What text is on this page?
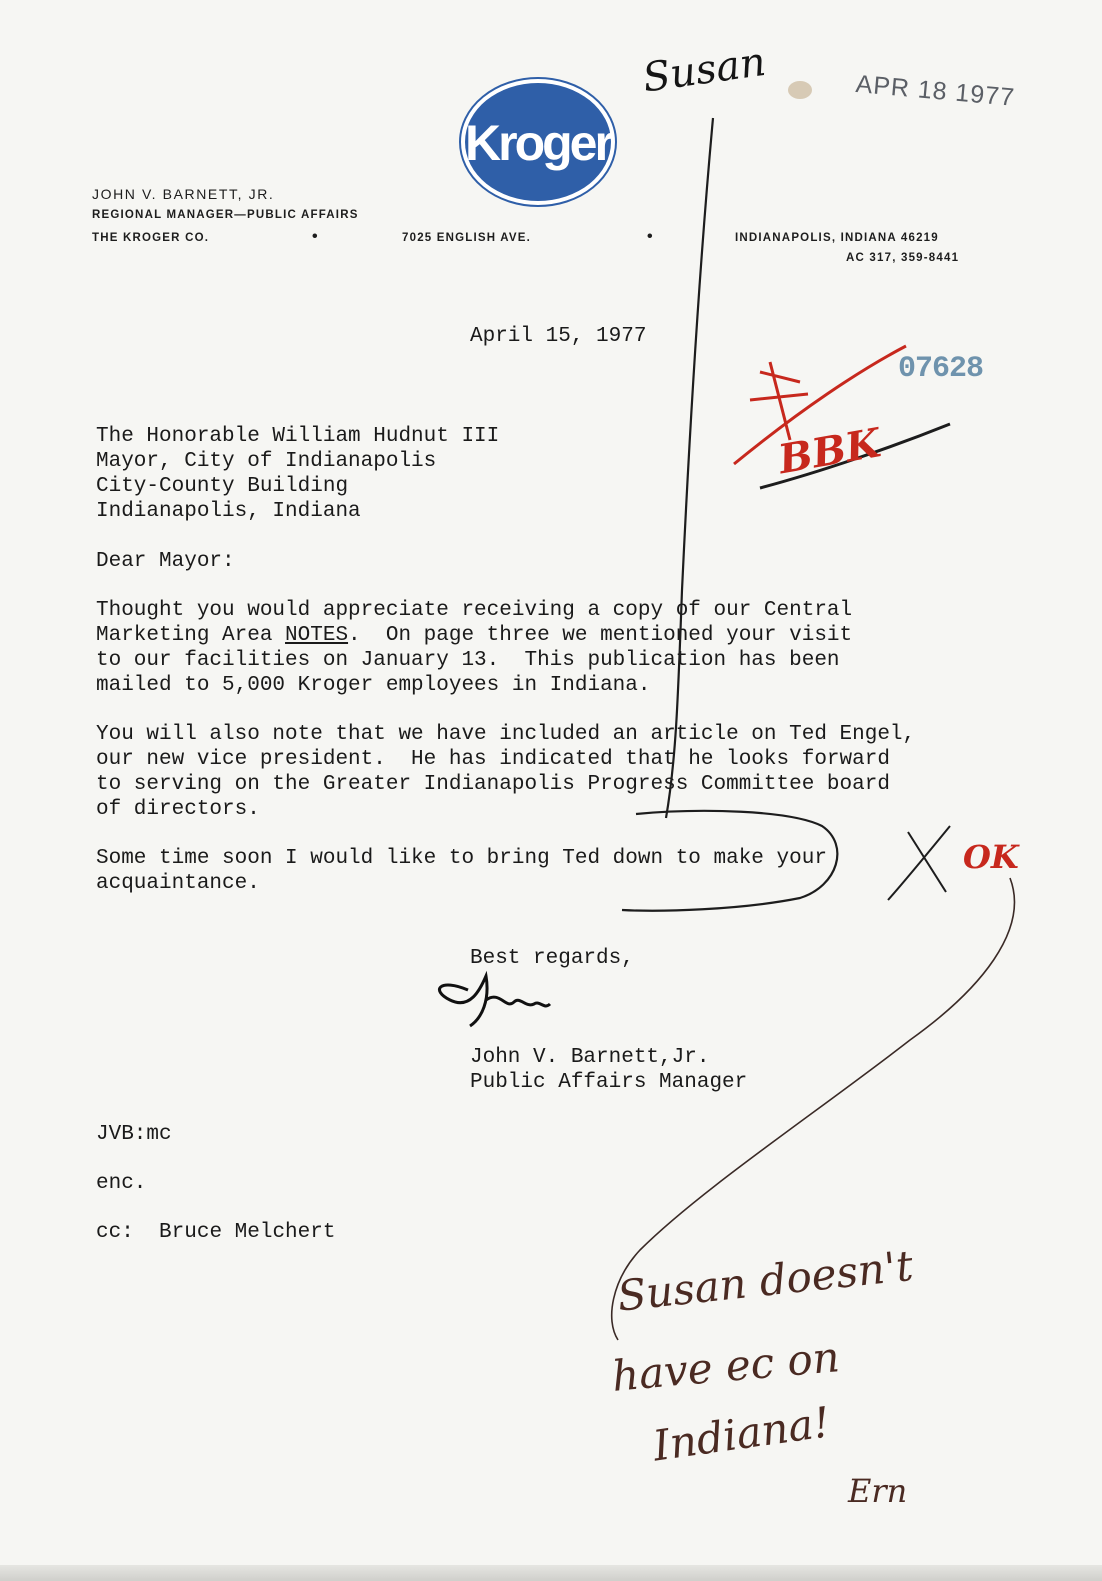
Kroger
JOHN V. BARNETT, JR.
REGIONAL MANAGER—PUBLIC AFFAIRS
THE KROGER CO.	•	7025 ENGLISH AVE.	•	INDIANAPOLIS, INDIANA 46219
AC 317, 359-8441
APR 18 1977
07628
April 15, 1977
The Honorable William Hudnut III
Mayor, City of Indianapolis
City-County Building
Indianapolis, Indiana
Dear Mayor:
Thought you would appreciate receiving a copy of our Central
Marketing Area NOTES.  On page three we mentioned your visit
to our facilities on January 13.  This publication has been
mailed to 5,000 Kroger employees in Indiana.
You will also note that we have included an article on Ted Engel,
our new vice president.  He has indicated that he looks forward
to serving on the Greater Indianapolis Progress Committee board
of directors.
Some time soon I would like to bring Ted down to make your
acquaintance.
Best regards,
John V. Barnett,Jr.
Public Affairs Manager
JVB:mc
enc.
cc: Bruce Melchert
Susan
BBK
OK
Susan doesn't
have ec on
Indiana!
Ern
